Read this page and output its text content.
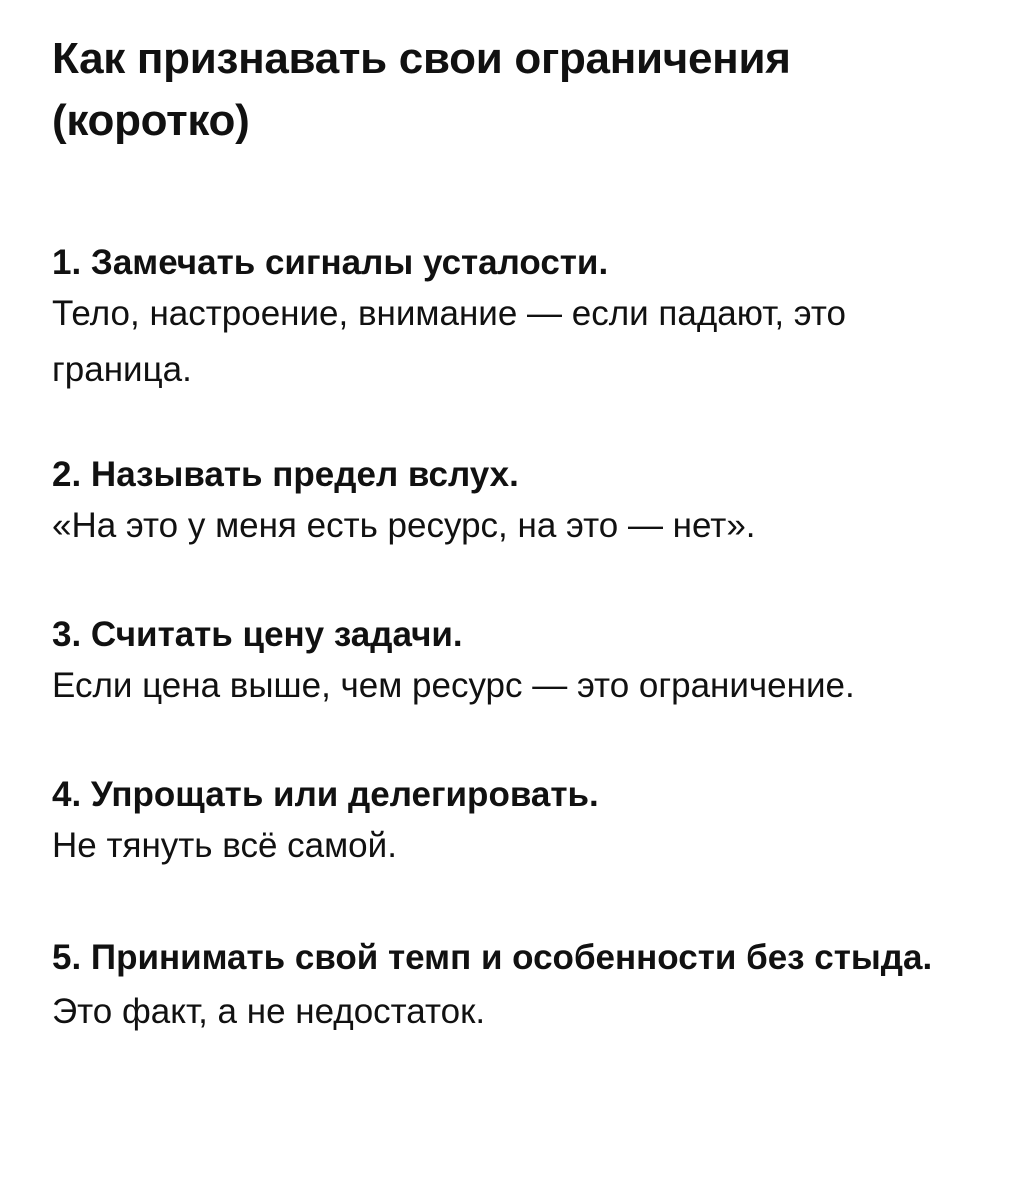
Как признавать свои ограничения (коротко)

1. Замечать сигналы усталости.

Тело, настроение, внимание — если падают, это граница.

2. Называть предел вслух.

«На это у меня есть ресурс, на это — нет».

3. Считать цену задачи.

Если цена выше, чем ресурс — это ограничение.

4. Упрощать или делегировать.

Не тянуть всё самой.

5. Принимать свой темп и особенности без стыда.

Это факт, а не недостаток.
